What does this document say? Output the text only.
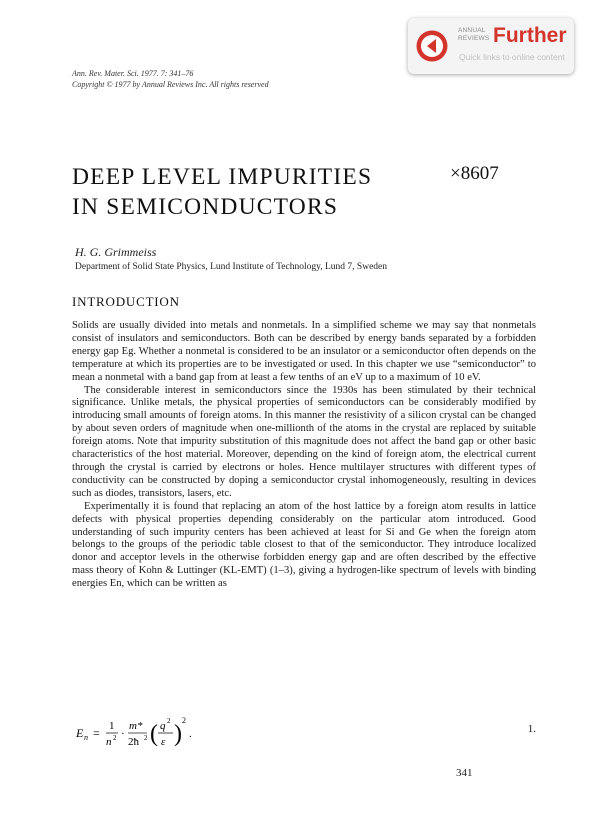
ANNUAL
REVIEWS Further
Quick links to online content
Ann. Rev. Mater. Sci. 1977. 7: 341–76
Copyright © 1977 by Annual Reviews Inc. All rights reserved
DEEP LEVEL IMPURITIES
IN SEMICONDUCTORS
×8607
H. G. Grimmeiss
Department of Solid State Physics, Lund Institute of Technology, Lund 7, Sweden
INTRODUCTION

Solids are usually divided into metals and nonmetals. In a simplified scheme we may say that nonmetals consist of insulators and semiconductors. Both can be described by energy bands separated by a forbidden energy gap Eg. Whether a nonmetal is considered to be an insulator or a semiconductor often depends on the temperature at which its properties are to be investigated or used. In this chapter we use “semiconductor” to mean a nonmetal with a band gap from at least a few tenths of an eV up to a maximum of 10 eV.

The considerable interest in semiconductors since the 1930s has been stimulated by their technical significance. Unlike metals, the physical properties of semiconductors can be considerably modified by introducing small amounts of foreign atoms. In this manner the resistivity of a silicon crystal can be changed by about seven orders of magnitude when one-millionth of the atoms in the crystal are replaced by suitable foreign atoms. Note that impurity substitution of this magnitude does not affect the band gap or other basic characteristics of the host material. Moreover, depending on the kind of foreign atom, the electrical current through the crystal is carried by electrons or holes. Hence multilayer structures with different types of conductivity can be constructed by doping a semiconductor crystal inhomogeneously, resulting in devices such as diodes, transistors, lasers, etc.

Experimentally it is found that replacing an atom of the host lattice by a foreign atom results in lattice defects with physical properties depending considerably on the particular atom introduced. Good understanding of such impurity centers has been achieved at least for Si and Ge when the foreign atom belongs to the groups of the periodic table closest to that of the semiconductor. They introduce localized donor and acceptor levels in the otherwise forbidden energy gap and are often described by the effective mass theory of Kohn & Luttinger (KL-EMT) (1–3), giving a hydrogen-like spectrum of levels with binding energies En, which can be written as

E n = 1
n 2 ·
m*
2ħ 2 ( q 2
ε )
2
.	1.
341
